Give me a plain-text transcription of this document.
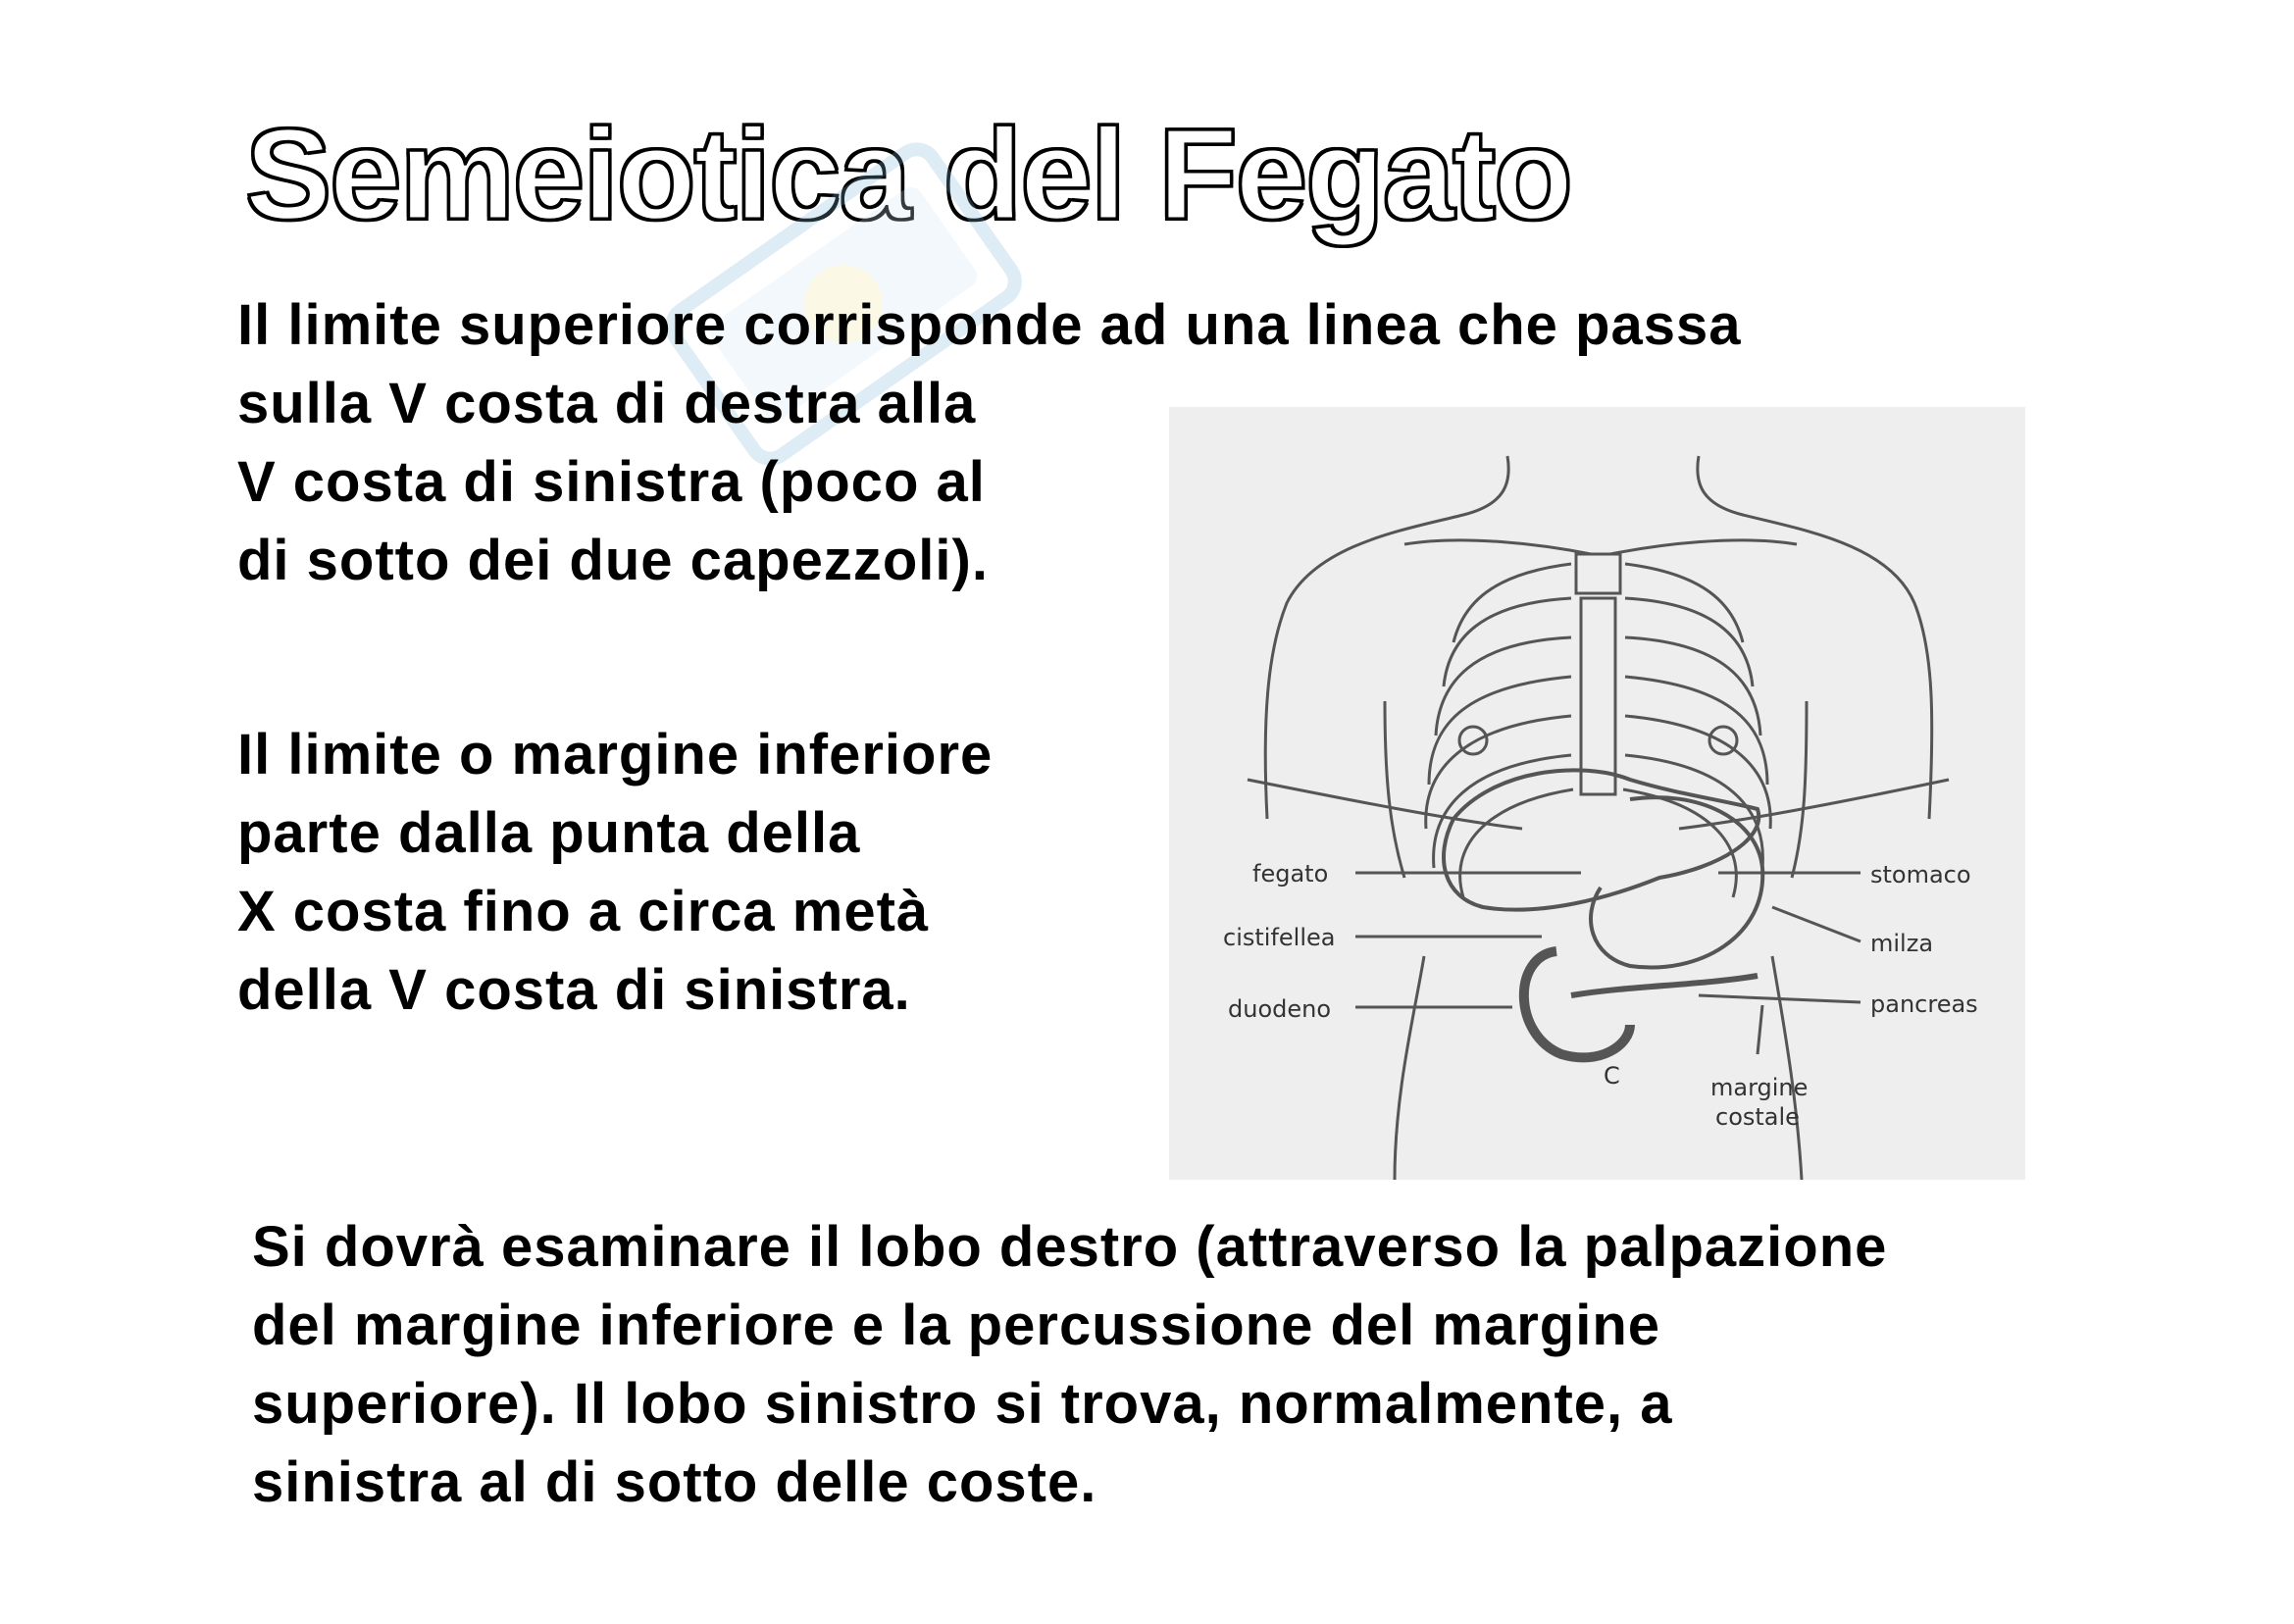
Semeiotica del Fegato

Il limite superiore corrisponde ad una linea che passa

sulla V costa di destra alla
V costa di sinistra (poco al
di sotto dei due capezzoli).

Il limite o margine inferiore
parte dalla punta della
X costa fino a circa metà
della V costa di sinistra.

fegato
cistifellea
duodeno
stomaco
milza
pancreas
C	margine
costale

Si dovrà esaminare il lobo destro (attraverso la palpazione
del margine inferiore e la percussione del margine
superiore). Il lobo sinistro si trova, normalmente, a
sinistra al di sotto delle coste.
